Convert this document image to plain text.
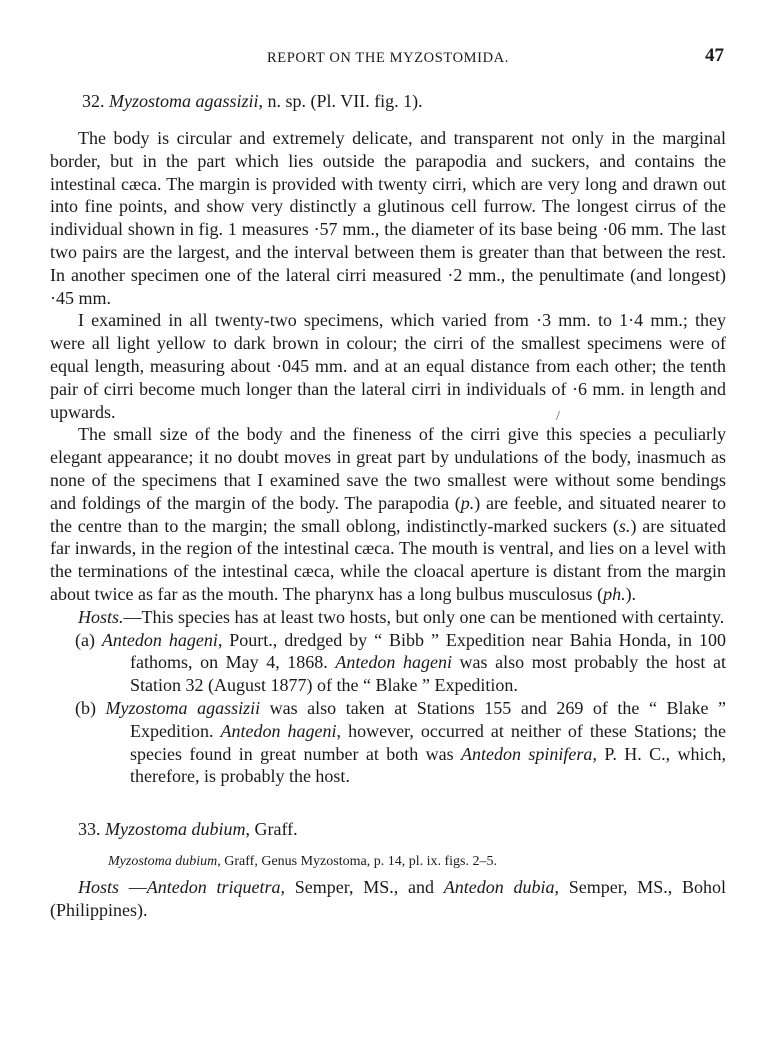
REPORT ON THE MYZOSTOMIDA.	47
/
32. Myzostoma agassizii, n. sp. (Pl. VII. fig. 1).

The body is circular and extremely delicate, and transparent not only in the marginal border, but in the part which lies outside the parapodia and suckers, and contains the intestinal cæca. The margin is provided with twenty cirri, which are very long and drawn out into fine points, and show very distinctly a glutinous cell furrow. The longest cirrus of the individual shown in fig. 1 measures ·57 mm., the diameter of its base being ·06 mm. The last two pairs are the largest, and the interval between them is greater than that between the rest. In another specimen one of the lateral cirri measured ·2 mm., the penultimate (and longest) ·45 mm.

I examined in all twenty-two specimens, which varied from ·3 mm. to 1·4 mm.; they were all light yellow to dark brown in colour; the cirri of the smallest specimens were of equal length, measuring about ·045 mm. and at an equal distance from each other; the tenth pair of cirri become much longer than the lateral cirri in individuals of ·6 mm. in length and upwards.

The small size of the body and the fineness of the cirri give this species a peculiarly elegant appearance; it no doubt moves in great part by undulations of the body, inasmuch as none of the specimens that I examined save the two smallest were without some bendings and foldings of the margin of the body. The parapodia (p.) are feeble, and situated nearer to the centre than to the margin; the small oblong, indistinctly-marked suckers (s.) are situated far inwards, in the region of the intestinal cæca. The mouth is ventral, and lies on a level with the terminations of the intestinal cæca, while the cloacal aperture is distant from the margin about twice as far as the mouth. The pharynx has a long bulbus musculosus (ph.).

Hosts.—This species has at least two hosts, but only one can be mentioned with certainty.

(a) Antedon hageni, Pourt., dredged by “ Bibb ” Expedition near Bahia Honda, in 100 fathoms, on May 4, 1868. Antedon hageni was also most probably the host at Station 32 (August 1877) of the “ Blake ” Expedition.

(b) Myzostoma agassizii was also taken at Stations 155 and 269 of the “ Blake ” Expedition. Antedon hageni, however, occurred at neither of these Stations; the species found in great number at both was Antedon spinifera, P. H. C., which, therefore, is probably the host.

33. Myzostoma dubium, Graff.
Myzostoma dubium, Graff, Genus Myzostoma, p. 14, pl. ix. figs. 2–5.

Hosts —Antedon triquetra, Semper, MS., and Antedon dubia, Semper, MS., Bohol (Philippines).
